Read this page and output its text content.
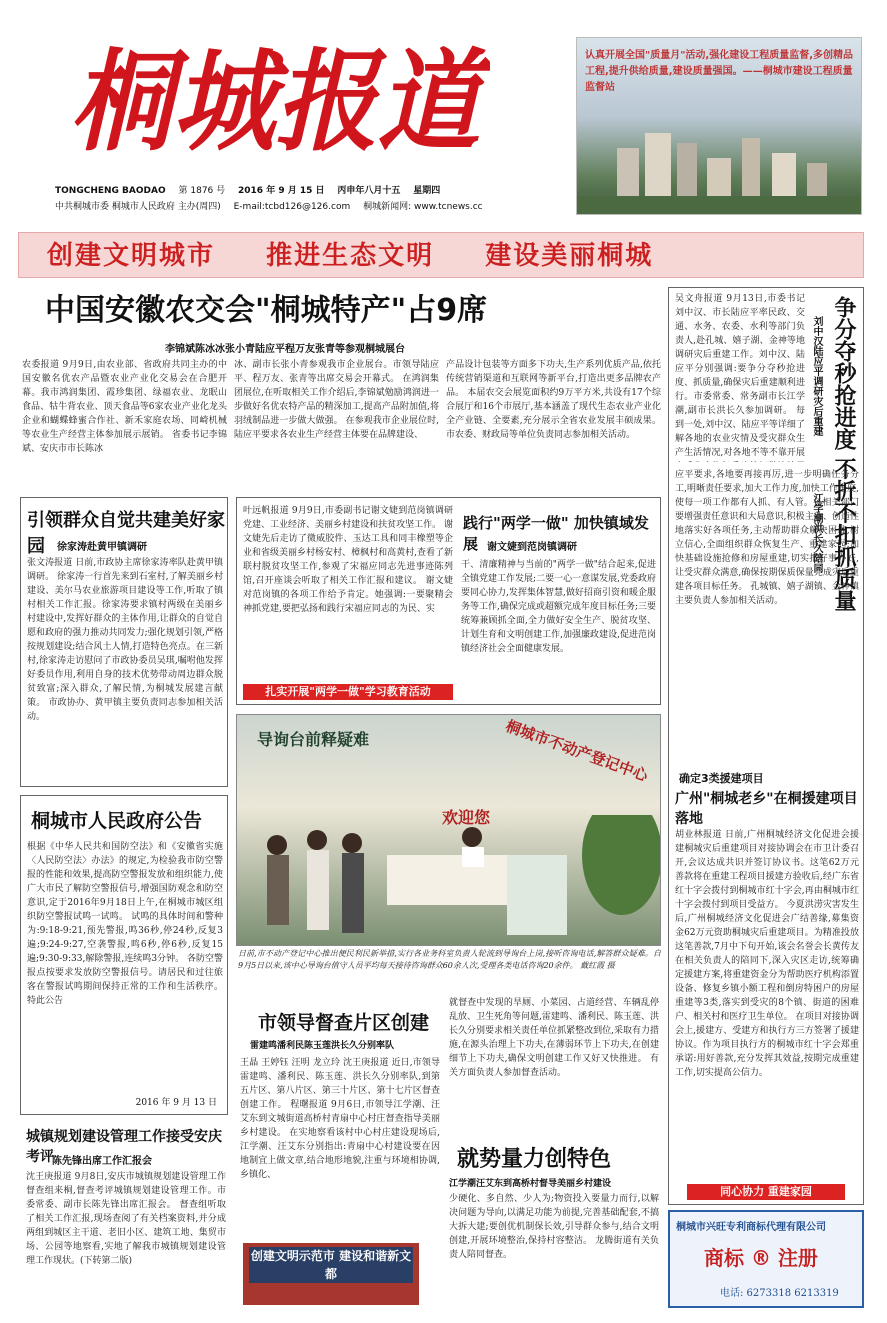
桐城报道
TONGCHENG BAODAO 第 1876 号 2016 年 9 月 15 日 丙申年八月十五 星期四
中共桐城市委 桐城市人民政府 主办(周四) E-mail:tcbd126@126.com 桐城新闻网: www.tcnews.cc
认真开展全国"质量月"活动,强化建设工程质量监督,多创精品工程,提升供给质量,建设质量强国。——桐城市建设工程质量监督站
创建文明城市 推进生态文明 建设美丽桐城
中国安徽农交会"桐城特产"占9席
李锦斌陈冰冰张小青陆应平程万友张青等参观桐城展台
农委报道 9月9日,由农业部、省政府共同主办的中国安徽名优农产品暨农业产业化交易会在合肥开幕。我市鸿润集团、霞珍集团、绿福农业、龙眠山食品、牯牛背农业、顶天食品等6家农业产业化龙头企业和蝴蝶蜂蜜合作社、新禾家庭农场、同崎机械等农业生产经营主体参加展示展销。 省委书记李锦斌、安庆市市长陈冰
冰、副市长张小青参观我市企业展台。市领导陆应平、程万友、张青等出席交易会开幕式。 在鸿润集团展位,在听取相关工作介绍后,李锦斌勉励鸿润进一步做好名优农特产品的精深加工,提高产品附加值,将羽绒制品进一步做大做强。 在参观我市企业展位时,陆应平要求各农业生产经营主体要在品牌建设、
产品设计包装等方面多下功夫,生产系列优质产品,依托传统营销渠道和互联网等新平台,打造出更多品牌农产品。 本届农交会展览面积约9万平方米,共设有17个综合展厅和16个市展厅,基本涵盖了现代生态农业产业化全产业链、全要素,充分展示全省农业发展丰硕成果。市农委、财政局等单位负责同志参加相关活动。	争分夺秒抢进度 不折不扣抓质量
刘中汉陆应平调研灾后重建
江学潮洪长久陪同
吴文舟报道 9月13日,市委书记刘中汉、市长陆应平率民政、交通、水务、农委、水利等部门负责人,赴孔城、嬉子湖、金神等地调研灾后重建工作。刘中汉、陆应平分别强调:要争分夺秒抢进度、抓质量,确保灾后重建顺利进行。市委常委、常务副市长江学潮,副市长洪长久参加调研。 每到一处,刘中汉、陆应平等详细了解各地的农业灾情及受灾群众生产生活情况,对各地不等不靠开展
应平要求,各地要再接再厉,进一步明确任务分工,明晰责任要求,加大工作力度,加快工作进度,使每一项工作都有人抓、有人管。各相关部门要增强责任意识和大局意识,积极主动、创造性地落实好各项任务,主动帮助群众解决困难,树立信心,全面组织群众恢复生产、重建家园;加快基础设施抢修和房屋重建,切实把好事办好,让受灾群众满意,确保按期保质保量完成灾后重建各项目标任务。 孔城镇、嬉子湖镇、金神镇主要负责人参加相关活动。
确定3类援建项目
广州"桐城老乡"在桐援建项目落地
胡业林报道 日前,广州桐城经济文化促进会援建桐城灾后重建项目对接协调会在市卫计委召开,会议达成共识并签订协议书。这笔62万元善款将在重建工程项目援建方验收后,经广东省红十字会拨付到桐城市红十字会,再由桐城市红十字会拨付到项目受益方。 今夏洪涝灾害发生后,广州桐城经济文化促进会广结善缘,募集资金62万元资助桐城灾后重建项目。为精准投放这笔善款,7月中下旬开始,该会名誉会长黄传友在相关负责人的陪同下,深入灾区走访,统筹确定援建方案,将重建资金分为帮助医疗机构添置设备、修复乡镇小额工程和倒房特困户的房屋重建等3类,落实到受灾的8个镇、街道的困难户、相关村和医疗卫生单位。 在项目对接协调会上,援建方、受建方和执行方三方签署了援建协议。作为项目执行方的桐城市红十字会郑重承诺:用好善款,充分发挥其效益,按期完成重建工作,切实提高公信力。
同心协力 重建家园
引领群众自觉共建美好家园	徐家涛赴黄甲镇调研
张文涛报道 日前,市政协主席徐家涛率队赴黄甲镇调研。 徐家涛一行首先来到石室村,了解美丽乡村建设、美尔马农业旅游项目建设等工作,听取了镇村相关工作汇报。徐家涛要求镇村两级在美丽乡村建设中,发挥好群众的主体作用,让群众的自觉自愿和政府的强力推动共同发力;强化规划引领,严格按规划建设;结合风土人情,打造特色亮点。在三新村,徐家涛走访慰问了市政协委员吴琪,嘱咐他发挥好委员作用,利用自身的技术优势带动周边群众脱贫致富;深入群众,了解民情,为桐城发展建言献策。 市政协办、黄甲镇主要负责同志参加相关活动。
叶远帆报道 9月9日,市委副书记谢文婕到范岗镇调研党建、工业经济、美丽乡村建设和扶贫攻坚工作。 谢文婕先后走访了微威胶件、玉达工具和同丰橡塑等企业和省级美丽乡村杨安村、樟枫村和高黄村,查看了新联村脱贫攻坚工作,参观了宋福应同志先进事迹陈列馆,召开座谈会听取了相关工作汇报和建议。 谢文婕对范岗镇的各项工作给予肯定。她强调:一要聚精会神抓党建,要把弘扬和践行宋福应同志的为民、实
扎实开展"两学一做"学习教育活动
践行"两学一做" 加快镇域发展 谢文婕到范岗镇调研
干、清廉精神与当前的"两学一做"结合起来,促进全镇党建工作发展;二要一心一意谋发展,党委政府要同心协力,发挥集体智慧,做好招商引资和暖企服务等工作,确保完成或超额完成年度目标任务;三要统筹兼顾抓全面,全力做好安全生产、脱贫攻坚、计划生育和文明创建工作,加强廉政建设,促进范岗镇经济社会全面健康发展。
导询台前释疑难	桐城市不动产登记中心
欢迎您
日前,市不动产登记中心推出便民利民新举措,实行各业务科室负责人轮流到导询台上岗,接听咨询电话,解答群众疑难。自9月5日以来,该中心导询台值守人员平均每天接待咨询群众60余人次,受理各类电话咨询20余件。 戴红霞 摄
桐城市人民政府公告
根据《中华人民共和国防空法》和《安徽省实施〈人民防空法〉办法》的规定,为检验我市防空警报的性能和效果,提高防空警报发放和组织能力,使广大市民了解防空警报信号,增强国防观念和防空意识,定于2016年9月18日上午,在桐城市城区组织防空警报试鸣一试鸣。 试鸣的具体时间和警种为:9:18-9:21,预先警报,鸣36秒,停24秒,反复3遍;9:24-9:27,空袭警报,鸣6秒,停6秒,反复15遍;9:30-9:33,解除警报,连续鸣3分钟。 各防空警报点按要求发放防空警报信号。请居民和过往旅客在警报试鸣期间保持正常的工作和生活秩序。 特此公告
2016 年 9 月 13 日
城镇规划建设管理工作接受安庆考评
陈先锋出席工作汇报会
沈王庚报道 9月8日,安庆市城镇规划建设管理工作督查组来桐,督查考评城镇规划建设管理工作。市委常委、副市长陈先锋出席汇报会。 督查组听取了相关工作汇报,现场查阅了有关档案资料,并分成两组到城区主干道、老旧小区、建筑工地、集贸市场、公园等地察看,实地了解我市城镇规划建设管理工作现状。(下转第二版)
市领导督查片区创建
雷建鸣潘利民陈玉莲洪长久分别率队
王晶 王婷钰 汪明 龙立玲 沈王庚报道 近日,市领导雷建鸣、潘利民、陈玉莲、洪长久分别率队,到第五片区、第八片区、第三十片区、第十七片区督查创建工作。 程曙报道 9月6日,市领导江学潮、汪艾东到文城街道高桥村青扇中心村庄督查指导美丽乡村建设。 在实地察看该村中心村庄建设现场后,江学潮、汪艾东分别指出:青扇中心村建设要在因地制宜上做文章,结合地形地貌,注重与环境相协调,乡镇化、
创建文明示范市 建设和谐新文都
就督查中发现的旱厕、小菜园、占道经营、车辆乱停乱放、卫生死角等问题,雷建鸣、潘利民、陈玉莲、洪长久分别要求相关责任单位抓紧整改到位,采取有力措施,在源头治理上下功夫,在薄弱环节上下功夫,在创建细节上下功夫,确保文明创建工作又好又快推进。 有关方面负责人参加督查活动。
就势量力创特色
江学潮汪艾东到高桥村督导美丽乡村建设
少硬化、多自然、少人为;物资投入要量力而行,以解决问题为导向,以满足功能为前提,完善基础配套,不搞大拆大建;要创优机制保长效,引导群众参与,结合文明创建,开展环境整治,保持村容整洁。 龙腾街道有关负责人陪同督查。
桐城市兴旺专利商标代理有限公司
商标 ® 注册
电话: 6273318 6213319
